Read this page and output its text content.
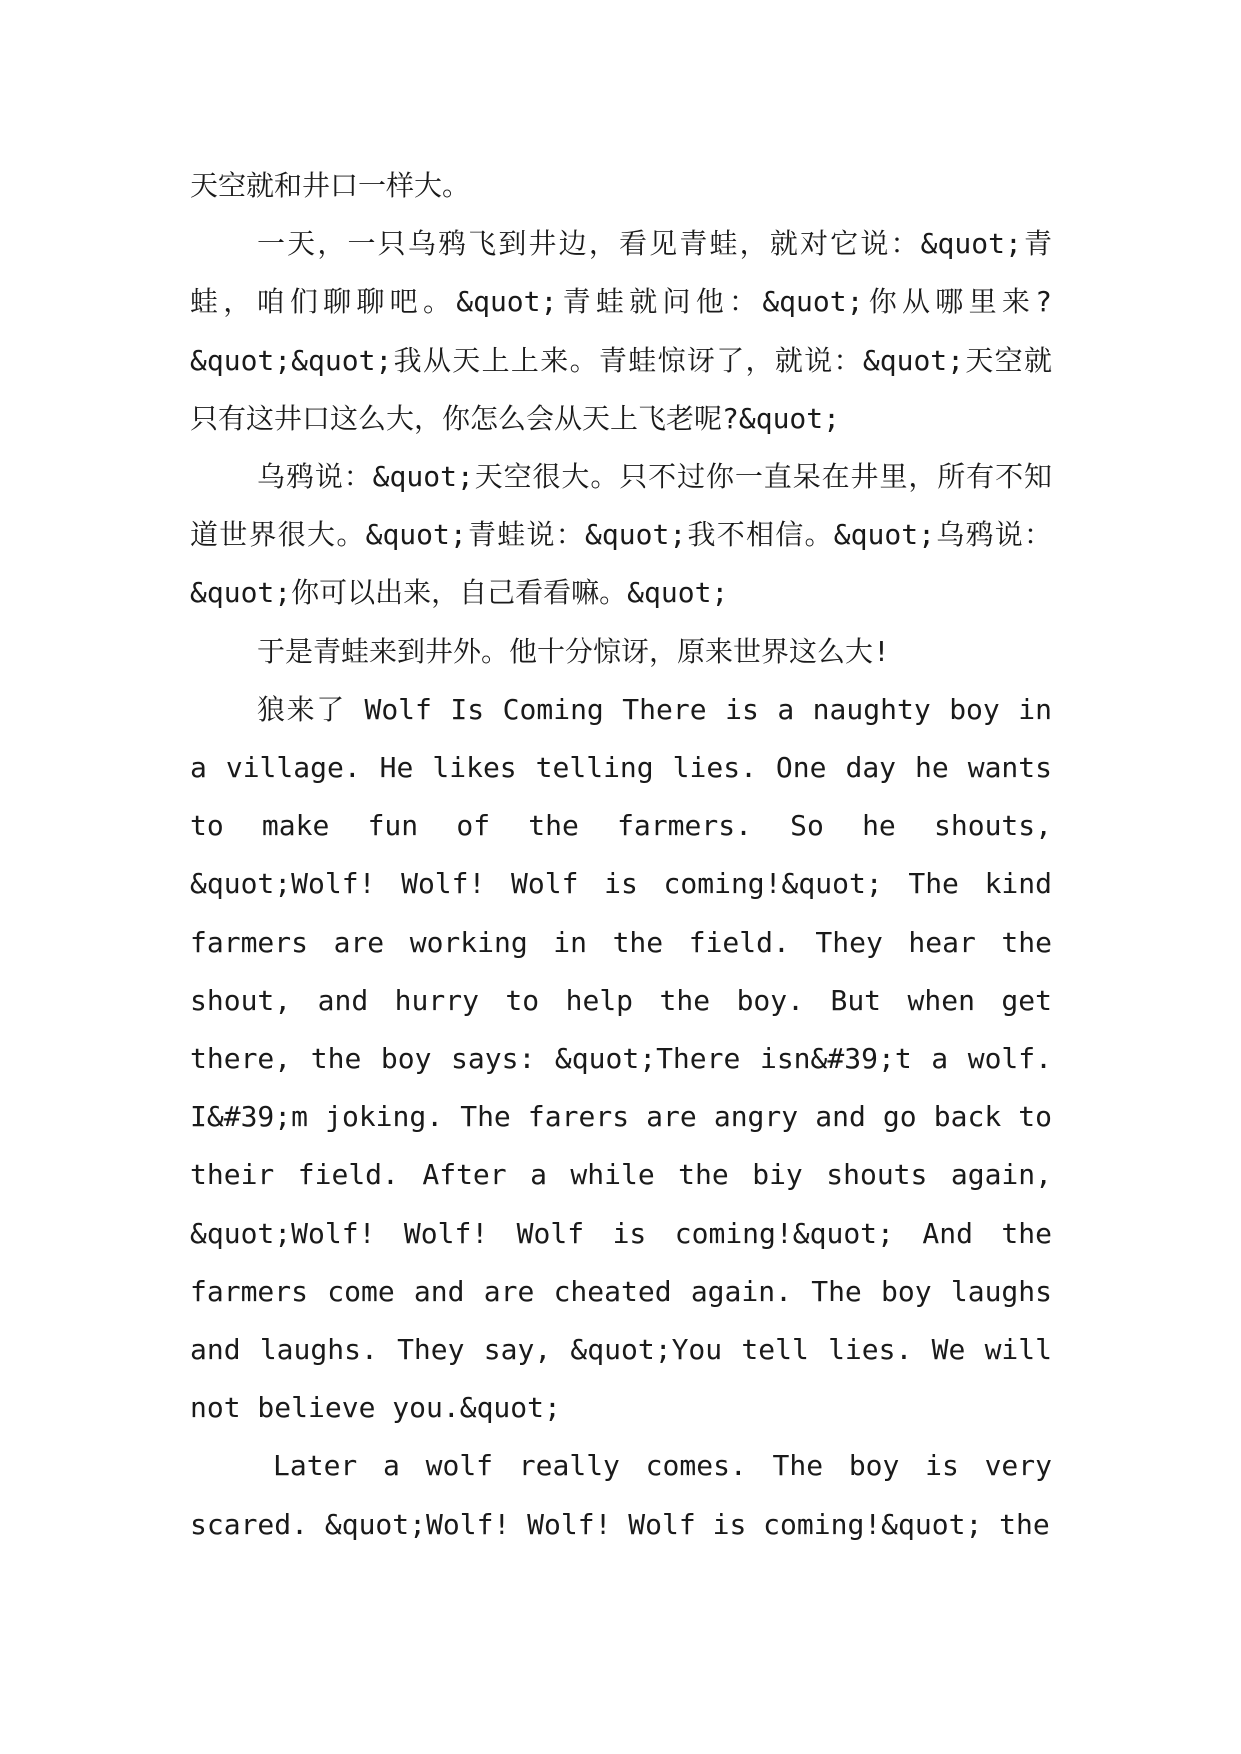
天空就和井口一样大。

一天，一只乌鸦飞到井边，看见青蛙，就对它说：&quot;青蛙，咱们聊聊吧。&quot;青蛙就问他：&quot;你从哪里来?&quot;&quot;我从天上上来。青蛙惊讶了，就说：&quot;天空就只有这井口这么大，你怎么会从天上飞老呢?&quot;

乌鸦说：&quot;天空很大。只不过你一直呆在井里，所有不知道世界很大。&quot;青蛙说：&quot;我不相信。&quot;乌鸦说：&quot;你可以出来，自己看看嘛。&quot;

于是青蛙来到井外。他十分惊讶，原来世界这么大!

狼来了 Wolf Is Coming There is a naughty boy in a village. He likes telling lies. One day he wants to make fun of the farmers. So he shouts, &quot;Wolf! Wolf! Wolf is coming!&quot; The kind farmers are working in the field. They hear the shout, and hurry to help the boy. But when get there, the boy says: &quot;There isn&#39;t a wolf. I&#39;m joking. The farers are angry and go back to their field. After a while the biy shouts again, &quot;Wolf! Wolf! Wolf is coming!&quot; And the farmers come and are cheated again. The boy laughs and laughs. They say, &quot;You tell lies. We will not believe you.&quot;

Later a wolf really comes. The boy is very scared. &quot;Wolf! Wolf! Wolf is coming!&quot; the
